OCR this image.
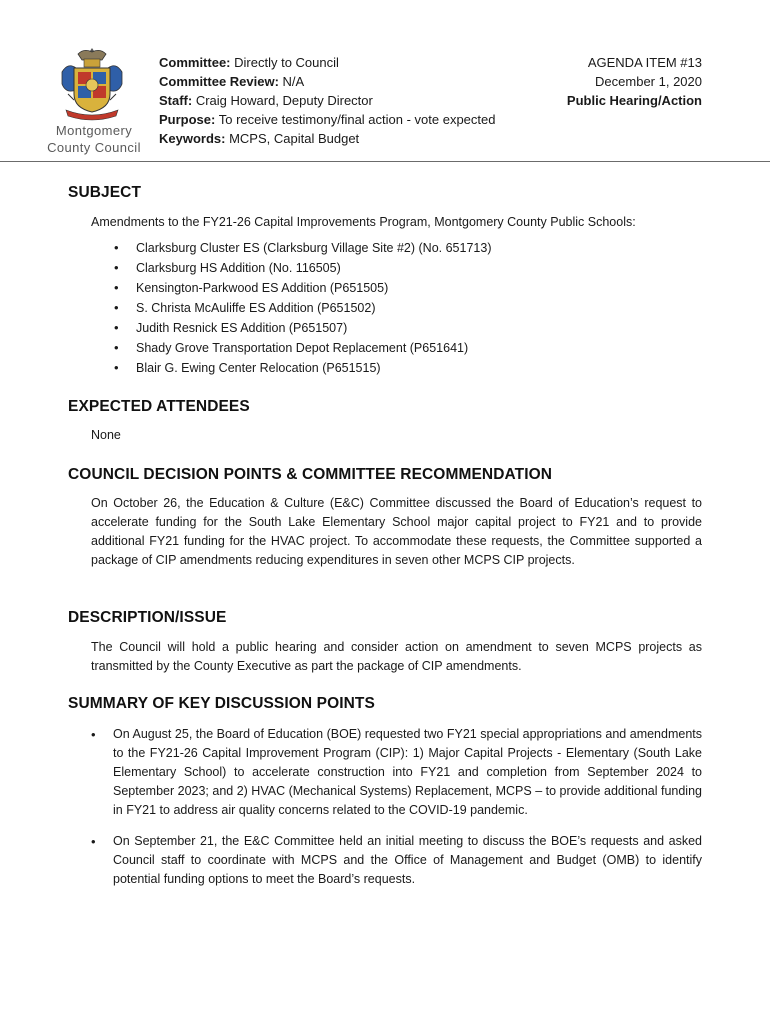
Montgomery
County Council
Committee: Directly to Council
Committee Review: N/A
Staff: Craig Howard, Deputy Director
Purpose: To receive testimony/final action - vote expected
Keywords: MCPS, Capital Budget
AGENDA ITEM #13
December 1, 2020
Public Hearing/Action
SUBJECT

Amendments to the FY21-26 Capital Improvements Program, Montgomery County Public Schools:

• Clarksburg Cluster ES (Clarksburg Village Site #2) (No. 651713)
• Clarksburg HS Addition (No. 116505)
• Kensington-Parkwood ES Addition (P651505)
• S. Christa McAuliffe ES Addition (P651502)
• Judith Resnick ES Addition (P651507)
• Shady Grove Transportation Depot Replacement (P651641)
• Blair G. Ewing Center Relocation (P651515)
EXPECTED ATTENDEES

None

COUNCIL DECISION POINTS & COMMITTEE RECOMMENDATION

On October 26, the Education & Culture (E&C) Committee discussed the Board of Education’s request to accelerate funding for the South Lake Elementary School major capital project to FY21 and to provide additional FY21 funding for the HVAC project. To accommodate these requests, the Committee supported a package of CIP amendments reducing expenditures in seven other MCPS CIP projects.

DESCRIPTION/ISSUE

The Council will hold a public hearing and consider action on amendment to seven MCPS projects as transmitted by the County Executive as part the package of CIP amendments.

SUMMARY OF KEY DISCUSSION POINTS
• On August 25, the Board of Education (BOE) requested two FY21 special appropriations and amendments to the FY21-26 Capital Improvement Program (CIP): 1) Major Capital Projects - Elementary (South Lake Elementary School) to accelerate construction into FY21 and completion from September 2024 to September 2023; and 2) HVAC (Mechanical Systems) Replacement, MCPS – to provide additional funding in FY21 to address air quality concerns related to the COVID-19 pandemic.
• On September 21, the E&C Committee held an initial meeting to discuss the BOE’s requests and asked Council staff to coordinate with MCPS and the Office of Management and Budget (OMB) to identify potential funding options to meet the Board’s requests.
